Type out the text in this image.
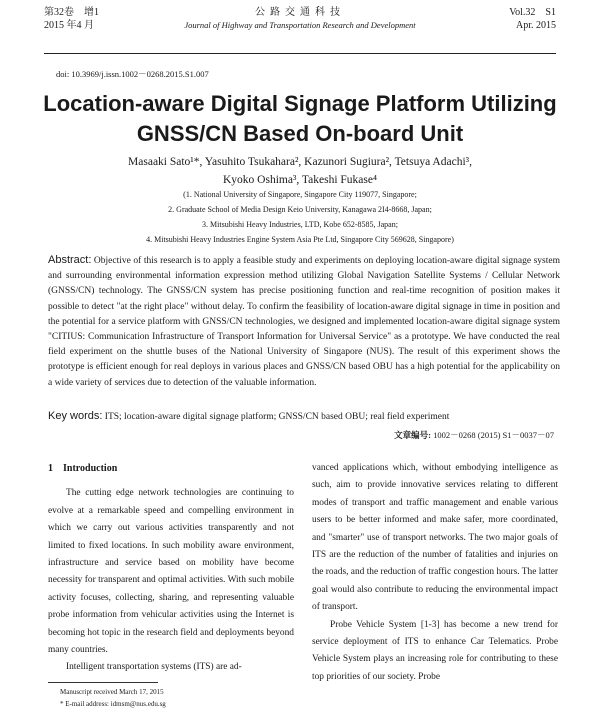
第32卷　增1
2015 年4 月
公路交通科技
Journal of Highway and Transportation Research and Development
Vol.32　S1
Apr. 2015
doi: 10.3969/j.issn.1002－0268.2015.S1.007
Location-aware Digital Signage Platform Utilizing
GNSS/CN Based On-board Unit
Masaaki Sato¹*, Yasuhito Tsukahara², Kazunori Sugiura², Tetsuya Adachi³,
Kyoko Oshima³, Takeshi Fukase⁴
(1. National University of Singapore, Singapore City 119077, Singapore;
2. Graduate School of Media Design Keio University, Kanagawa 2I4-8668, Japan;
3. Mitsubishi Heavy Industries, LTD, Kobe 652-8585, Japan;
4. Mitsubishi Heavy Industries Engine System Asia Pte Ltd, Singapore City 569628, Singapore)
Abstract: Objective of this research is to apply a feasible study and experiments on deploying location-aware digital signage system and surrounding environmental information expression method utilizing Global Navigation Satellite Systems / Cellular Network (GNSS/CN) technology. The GNSS/CN system has precise positioning function and real-time recognition of position makes it possible to detect "at the right place" without delay. To confirm the feasibility of location-aware digital signage in time in position and the potential for a service platform with GNSS/CN technologies, we designed and implemented location-aware digital signage system "CITIUS: Communication Infrastructure of Transport Information for Universal Service" as a prototype. We have conducted the real field experiment on the shuttle buses of the National University of Singapore (NUS). The result of this experiment shows the prototype is efficient enough for real deploys in various places and GNSS/CN based OBU has a high potential for the applicability on a wide variety of services due to detection of the valuable information.
Key words: ITS; location-aware digital signage platform; GNSS/CN based OBU; real field experiment
文章编号: 1002－0268 (2015) S1－0037－07
1　Introduction

The cutting edge network technologies are continuing to evolve at a remarkable speed and compelling environment in which we carry out various activities transparently and not limited to fixed locations. In such mobility aware environment, infrastructure and service based on mobility have become necessity for transparent and optimal activities. With such mobile activity focuses, collecting, sharing, and representing valuable probe information from vehicular activities using the Internet is becoming hot topic in the research field and deployments beyond many countries.

Intelligent transportation systems (ITS) are ad-

vanced applications which, without embodying intelligence as such, aim to provide innovative services relating to different modes of transport and traffic management and enable various users to be better informed and make safer, more coordinated, and "smarter" use of transport networks. The two major goals of ITS are the reduction of the number of fatalities and injuries on the roads, and the reduction of traffic congestion hours. The latter goal would also contribute to reducing the environmental impact of transport.

Probe Vehicle System [1-3] has become a new trend for service deployment of ITS to enhance Car Telematics. Probe Vehicle System plays an increasing role for contributing to these top priorities of our society. Probe

Manuscript received March 17, 2015
* E-mail address: idmsm@nus.edu.sg
